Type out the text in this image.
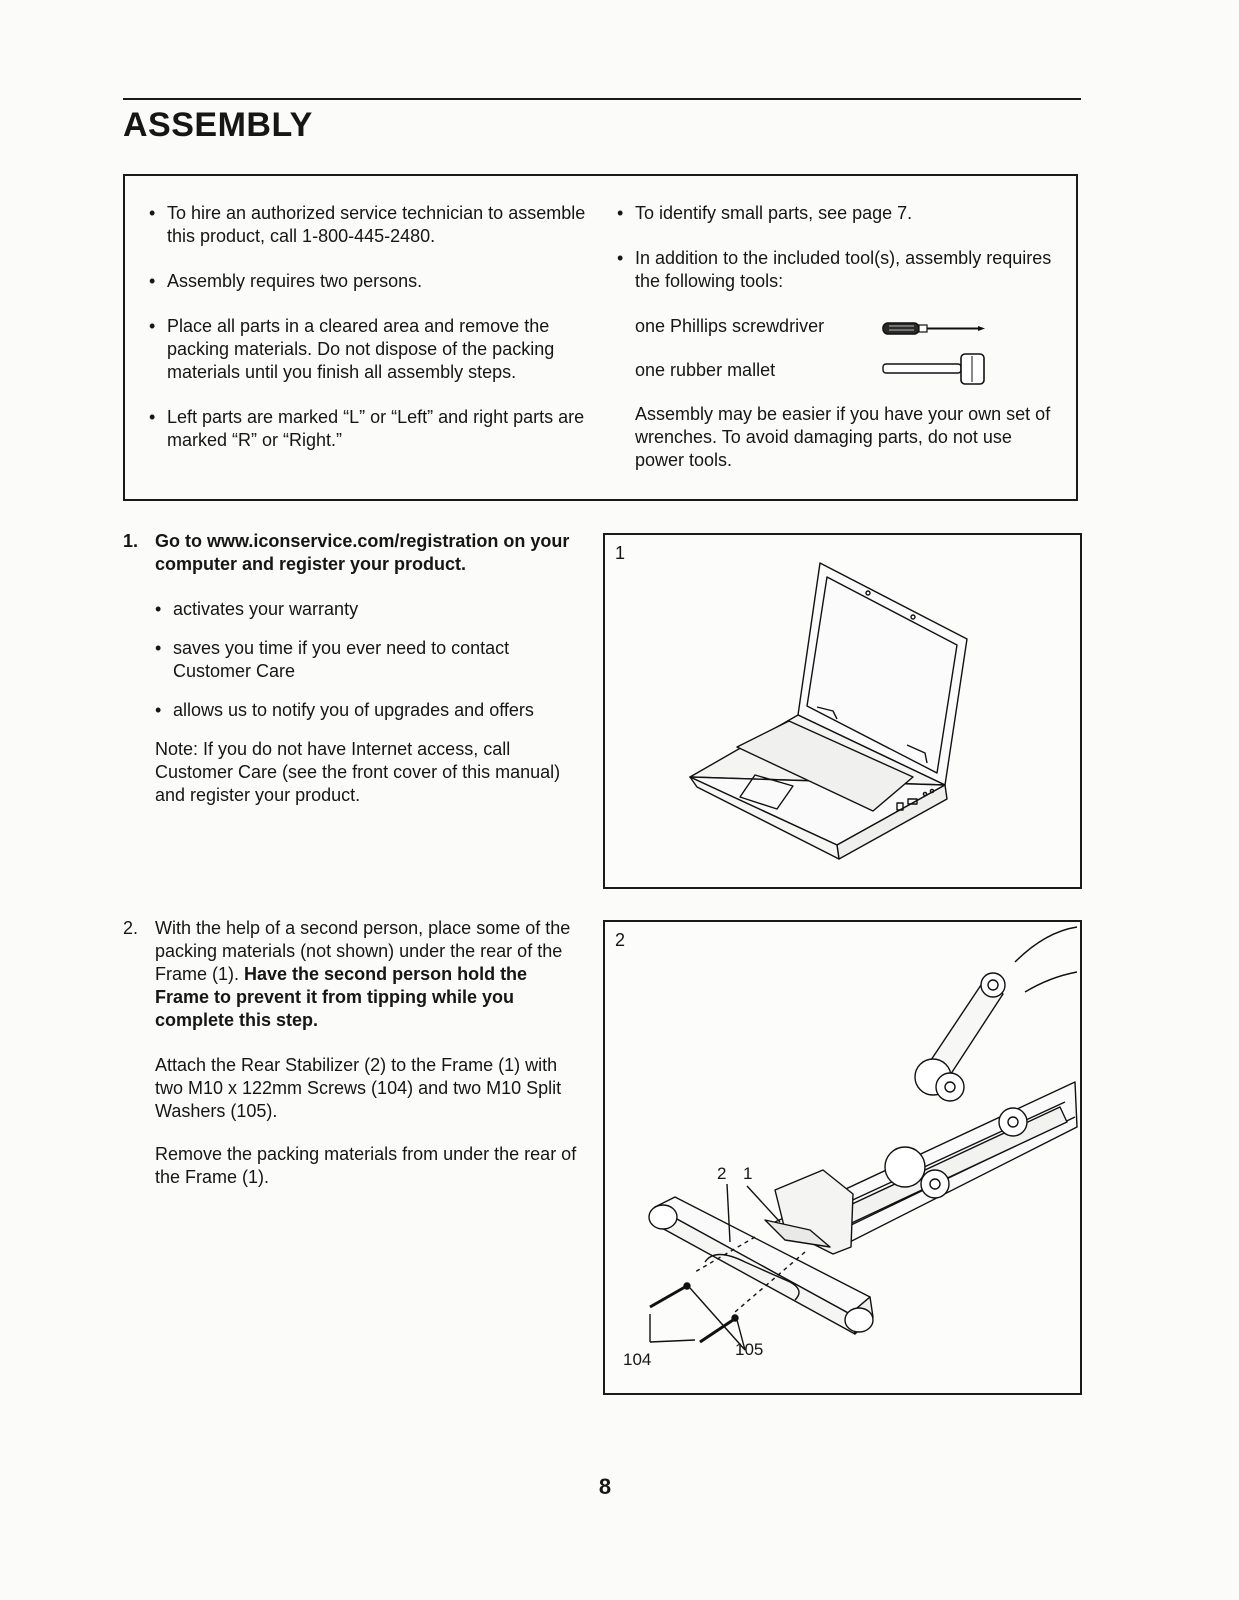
ASSEMBLY

• To hire an authorized service technician to assemble this product, call 1-800-445-2480.

• Assembly requires two persons.

• Place all parts in a cleared area and remove the packing materials. Do not dispose of the packing materials until you finish all assembly steps.

• Left parts are marked “L” or “Left” and right parts are marked “R” or “Right.”

• To identify small parts, see page 7.

• In addition to the included tool(s), assembly requires the following tools:

one Phillips screwdriver
one rubber mallet

Assembly may be easier if you have your own set of wrenches. To avoid damaging parts, do not use power tools.

1. Go to www.iconservice.com/registration on your computer and register your product.

• activates your warranty

• saves you time if you ever need to contact Customer Care

• allows us to notify you of upgrades and offers

Note: If you do not have Internet access, call Customer Care (see the front cover of this manual) and register your product.

1

2. With the help of a second person, place some of the packing materials (not shown) under the rear of the Frame (1). Have the second person hold the Frame to prevent it from tipping while you complete this step.

Attach the Rear Stabilizer (2) to the Frame (1) with two M10 x 122mm Screws (104) and two M10 Split Washers (105).

Remove the packing materials from under the rear of the Frame (1).

2
2 1
104
105
8
